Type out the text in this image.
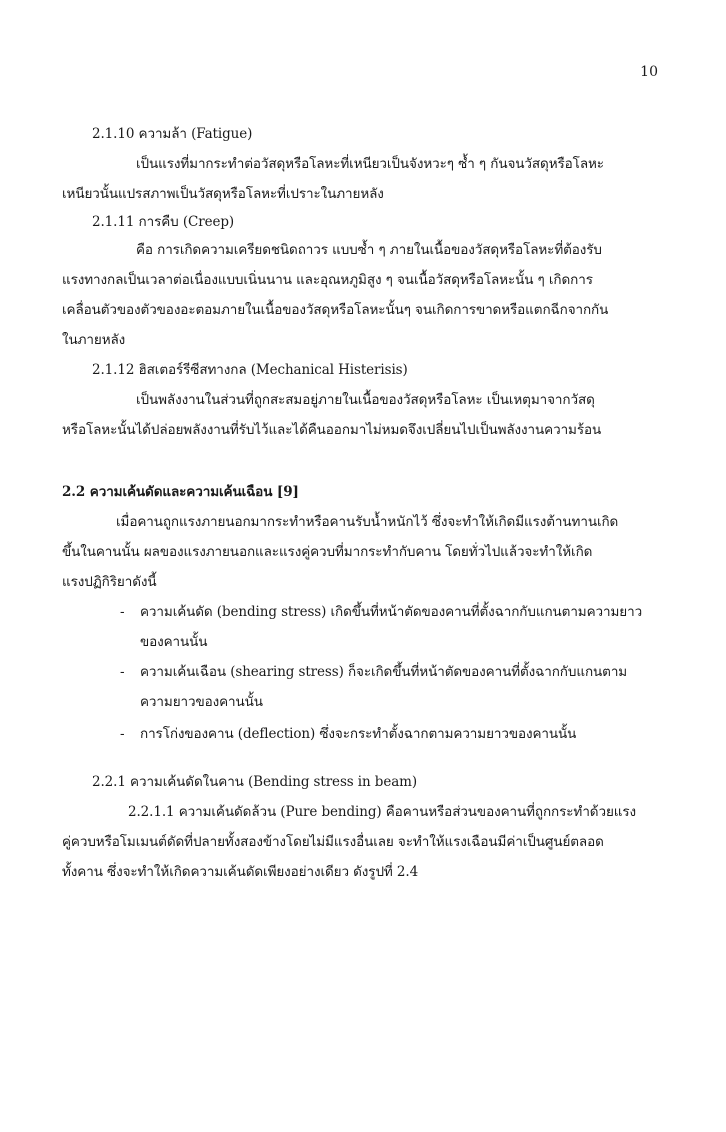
10
2.1.10 ความล้า (Fatigue)
เป็นแรงที่มากระทำต่อวัสดุหรือโลหะที่เหนียวเป็นจังหวะๆ ซ้ำ ๆ กันจนวัสดุหรือโลหะ
เหนียวนั้นแปรสภาพเป็นวัสดุหรือโลหะที่เปราะในภายหลัง
2.1.11 การคืบ (Creep)
คือ การเกิดความเครียดชนิดถาวร แบบซ้ำ ๆ ภายในเนื้อของวัสดุหรือโลหะที่ต้องรับ
แรงทางกลเป็นเวลาต่อเนื่องแบบเนิ่นนาน และอุณหภูมิสูง ๆ จนเนื้อวัสดุหรือโลหะนั้น ๆ เกิดการ
เคลื่อนตัวของตัวของอะตอมภายในเนื้อของวัสดุหรือโลหะนั้นๆ จนเกิดการขาดหรือแตกฉีกจากกัน
ในภายหลัง
2.1.12 ฮิสเตอร์รีซีสทางกล (Mechanical Histerisis)
เป็นพลังงานในส่วนที่ถูกสะสมอยู่ภายในเนื้อของวัสดุหรือโลหะ เป็นเหตุมาจากวัสดุ
หรือโลหะนั้นได้ปล่อยพลังงานที่รับไว้และได้คืนออกมาไม่หมดจึงเปลี่ยนไปเป็นพลังงานความร้อน
2.2 ความเค้นดัดและความเค้นเฉือน [9]
เมื่อคานถูกแรงภายนอกมากระทำหรือคานรับน้ำหนักไว้ ซึ่งจะทำให้เกิดมีแรงต้านทานเกิด
ขึ้นในคานนั้น ผลของแรงภายนอกและแรงคู่ควบที่มากระทำกับคาน โดยทั่วไปแล้วจะทำให้เกิด
แรงปฏิกิริยาดังนี้
- ความเค้นดัด (bending stress) เกิดขึ้นที่หน้าตัดของคานที่ตั้งฉากกับแกนตามความยาว
ของคานนั้น
- ความเค้นเฉือน (shearing stress) ก็จะเกิดขึ้นที่หน้าตัดของคานที่ตั้งฉากกับแกนตาม
ความยาวของคานนั้น
- การโก่งของคาน (deflection) ซึ่งจะกระทำตั้งฉากตามความยาวของคานนั้น
2.2.1 ความเค้นดัดในคาน (Bending stress in beam)
2.2.1.1 ความเค้นดัดล้วน (Pure bending) คือคานหรือส่วนของคานที่ถูกกระทำด้วยแรง
คู่ควบหรือโมเมนต์ดัดที่ปลายทั้งสองข้างโดยไม่มีแรงอื่นเลย จะทำให้แรงเฉือนมีค่าเป็นศูนย์ตลอด
ทั้งคาน ซึ่งจะทำให้เกิดความเค้นดัดเพียงอย่างเดียว ดังรูปที่ 2.4
